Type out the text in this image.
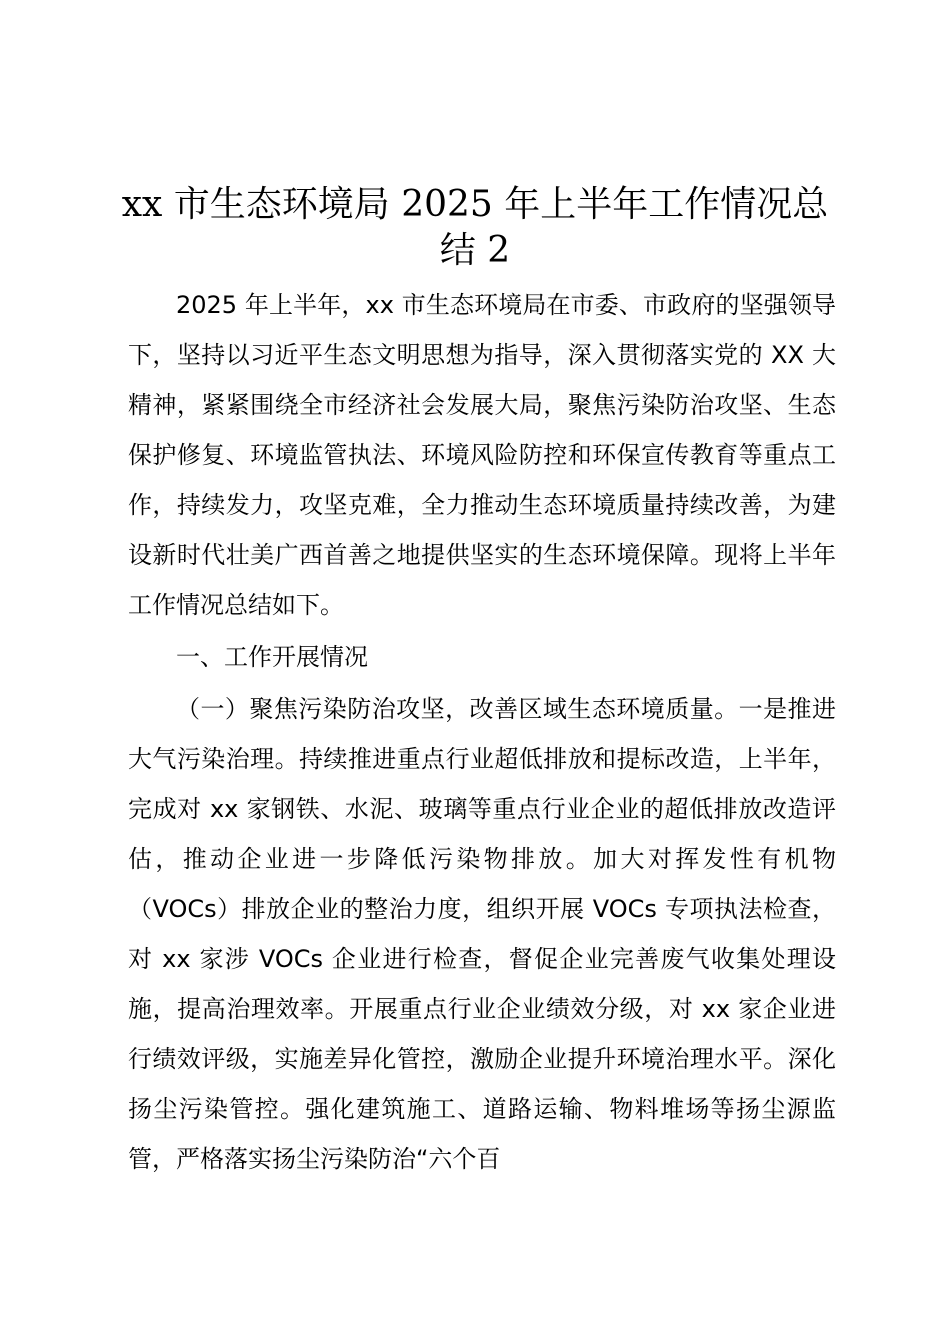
xx 市生态环境局 2025 年上半年工作情况总结 2

2025 年上半年，xx 市生态环境局在市委、市政府的坚强领导下，坚持以习近平生态文明思想为指导，深入贯彻落实党的 XX 大精神，紧紧围绕全市经济社会发展大局，聚焦污染防治攻坚、生态保护修复、环境监管执法、环境风险防控和环保宣传教育等重点工作，持续发力，攻坚克难，全力推动生态环境质量持续改善，为建设新时代壮美广西首善之地提供坚实的生态环境保障。现将上半年工作情况总结如下。

一、工作开展情况

（一）聚焦污染防治攻坚，改善区域生态环境质量。一是推进大气污染治理。持续推进重点行业超低排放和提标改造，上半年，完成对 xx 家钢铁、水泥、玻璃等重点行业企业的超低排放改造评估，推动企业进一步降低污染物排放。加大对挥发性有机物（VOCs）排放企业的整治力度，组织开展 VOCs 专项执法检查，对 xx 家涉 VOCs 企业进行检查，督促企业完善废气收集处理设施，提高治理效率。开展重点行业企业绩效分级，对 xx 家企业进行绩效评级，实施差异化管控，激励企业提升环境治理水平。深化扬尘污染管控。强化建筑施工、道路运输、物料堆场等扬尘源监管，严格落实扬尘污染防治“六个百
